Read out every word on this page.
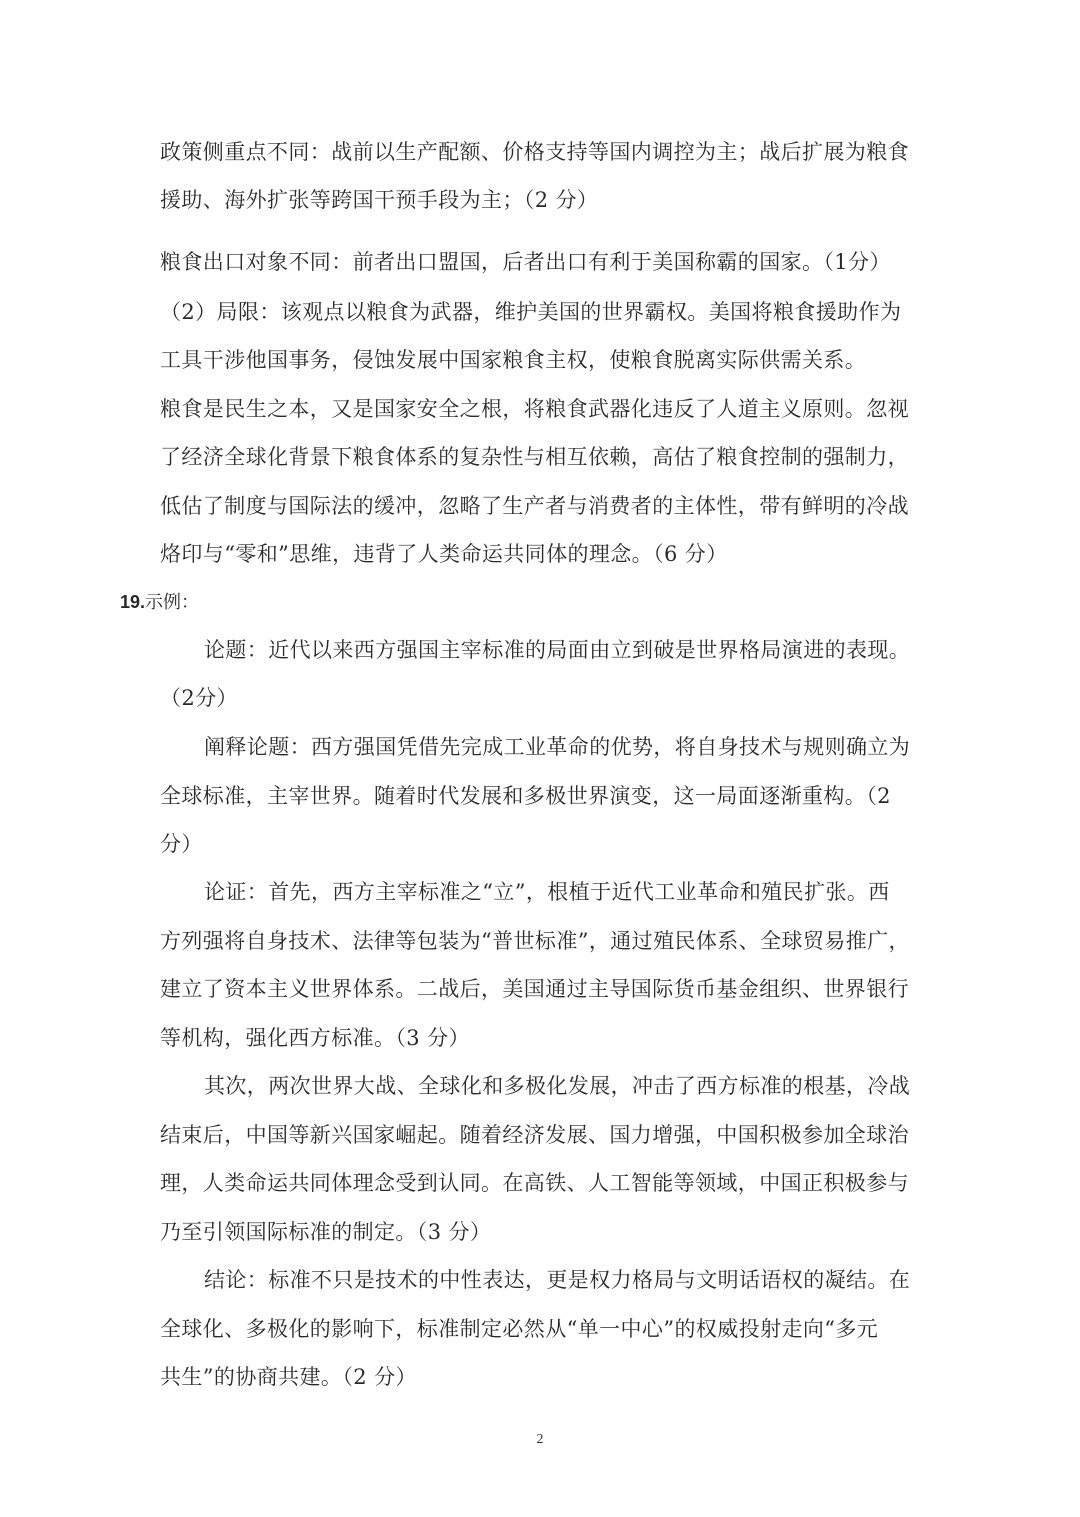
政策侧重点不同：战前以生产配额、价格支持等国内调控为主；战后扩展为粮食
援助、海外扩张等跨国干预手段为主；（2 分）
粮食出口对象不同：前者出口盟国，后者出口有利于美国称霸的国家。（1分）
（2）局限：该观点以粮食为武器，维护美国的世界霸权。美国将粮食援助作为
工具干涉他国事务，侵蚀发展中国家粮食主权，使粮食脱离实际供需关系。
粮食是民生之本，又是国家安全之根，将粮食武器化违反了人道主义原则。忽视
了经济全球化背景下粮食体系的复杂性与相互依赖，高估了粮食控制的强制力，
低估了制度与国际法的缓冲，忽略了生产者与消费者的主体性，带有鲜明的冷战
烙印与“零和”思维，违背了人类命运共同体的理念。（6 分）
19.示例：
论题：近代以来西方强国主宰标准的局面由立到破是世界格局演进的表现。
（2分）
阐释论题：西方强国凭借先完成工业革命的优势，将自身技术与规则确立为
全球标准，主宰世界。随着时代发展和多极世界演变，这一局面逐渐重构。（2
分）
论证：首先，西方主宰标准之“立”，根植于近代工业革命和殖民扩张。西
方列强将自身技术、法律等包装为“普世标准”，通过殖民体系、全球贸易推广，
建立了资本主义世界体系。二战后，美国通过主导国际货币基金组织、世界银行
等机构，强化西方标准。（3 分）
其次，两次世界大战、全球化和多极化发展，冲击了西方标准的根基，冷战
结束后，中国等新兴国家崛起。随着经济发展、国力增强，中国积极参加全球治
理，人类命运共同体理念受到认同。在高铁、人工智能等领域，中国正积极参与
乃至引领国际标准的制定。（3 分）
结论：标准不只是技术的中性表达，更是权力格局与文明话语权的凝结。在
全球化、多极化的影响下，标准制定必然从“单一中心”的权威投射走向“多元
共生”的协商共建。（2 分）
2
